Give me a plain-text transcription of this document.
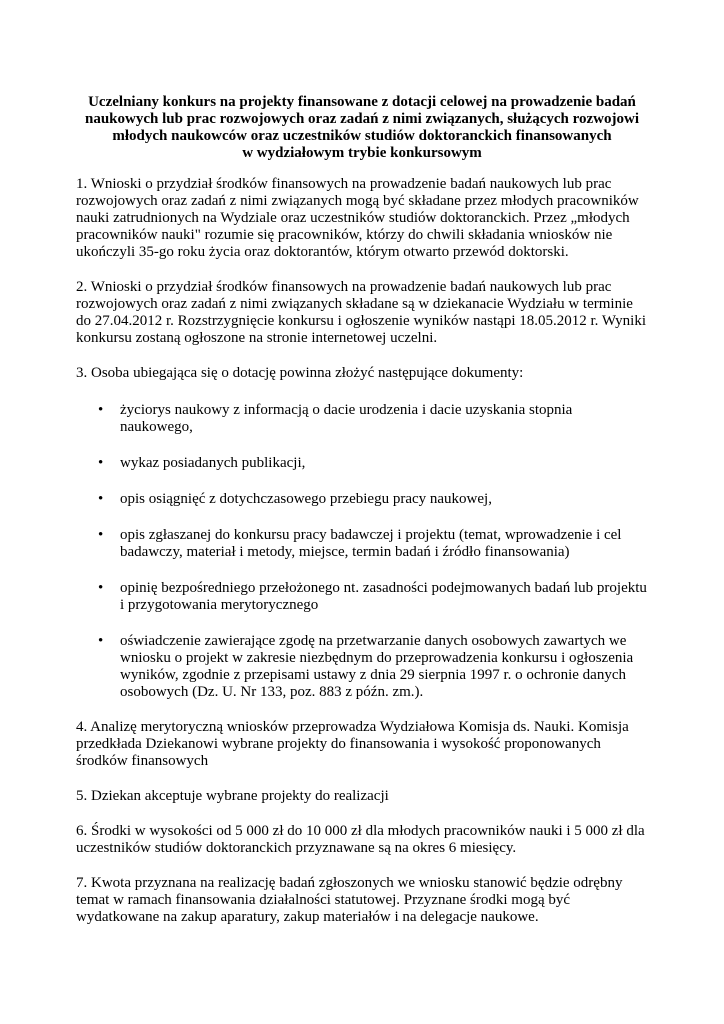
Uczelniany konkurs na projekty finansowane z dotacji celowej na prowadzenie badań
naukowych lub prac rozwojowych oraz zadań z nimi związanych, służących rozwojowi
młodych naukowców oraz uczestników studiów doktoranckich finansowanych
w wydziałowym trybie konkursowym

1. Wnioski o przydział środków finansowych na prowadzenie badań naukowych lub prac rozwojowych oraz zadań z nimi związanych mogą być składane przez młodych pracowników nauki zatrudnionych na Wydziale oraz uczestników studiów doktoranckich. Przez „młodych pracowników nauki" rozumie się pracowników, którzy do chwili składania wniosków nie ukończyli 35-go roku życia oraz doktorantów, którym otwarto przewód doktorski.

2. Wnioski o przydział środków finansowych na prowadzenie badań naukowych lub prac rozwojowych oraz zadań z nimi związanych składane są w dziekanacie Wydziału w terminie do 27.04.2012 r. Rozstrzygnięcie konkursu i ogłoszenie wyników nastąpi 18.05.2012 r. Wyniki konkursu zostaną ogłoszone na stronie internetowej uczelni.

3. Osoba ubiegająca się o dotację powinna złożyć następujące dokumenty:

• życiorys naukowy z informacją o dacie urodzenia i dacie uzyskania stopnia naukowego,
• wykaz posiadanych publikacji,
• opis osiągnięć z dotychczasowego przebiegu pracy naukowej,
• opis zgłaszanej do konkursu pracy badawczej i projektu (temat, wprowadzenie i cel badawczy, materiał i metody, miejsce, termin badań i źródło finansowania)
• opinię bezpośredniego przełożonego nt. zasadności podejmowanych badań lub projektu i przygotowania merytorycznego
• oświadczenie zawierające zgodę na przetwarzanie danych osobowych zawartych we wniosku o projekt w zakresie niezbędnym do przeprowadzenia konkursu i ogłoszenia wyników, zgodnie z przepisami ustawy z dnia 29 sierpnia 1997 r. o ochronie danych osobowych (Dz. U. Nr 133, poz. 883 z późn. zm.).

4. Analizę merytoryczną wniosków przeprowadza Wydziałowa Komisja ds. Nauki. Komisja przedkłada Dziekanowi wybrane projekty do finansowania i wysokość proponowanych środków finansowych

5. Dziekan akceptuje wybrane projekty do realizacji

6. Środki w wysokości od 5 000 zł do 10 000 zł dla młodych pracowników nauki i 5 000 zł dla uczestników studiów doktoranckich przyznawane są na okres 6 miesięcy.

7. Kwota przyznana na realizację badań zgłoszonych we wniosku stanowić będzie odrębny temat w ramach finansowania działalności statutowej. Przyznane środki mogą być wydatkowane na zakup aparatury, zakup materiałów i na delegacje naukowe.
